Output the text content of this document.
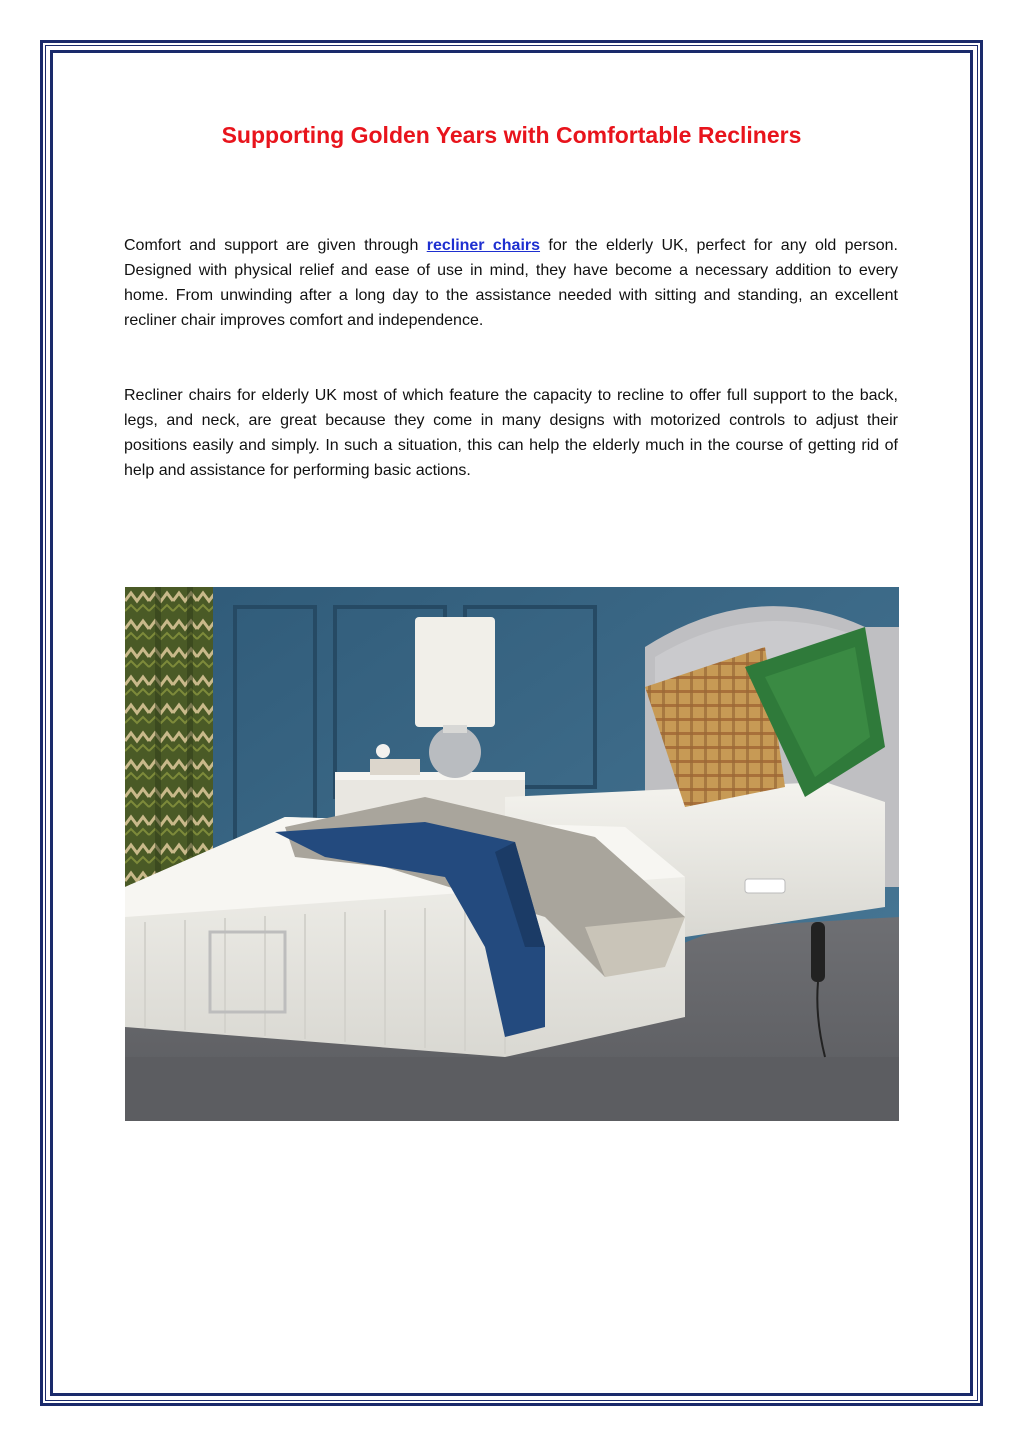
Supporting Golden Years with Comfortable Recliners

Comfort and support are given through recliner chairs for the elderly UK, perfect for any old person. Designed with physical relief and ease of use in mind, they have become a necessary addition to every home. From unwinding after a long day to the assistance needed with sitting and standing, an excellent recliner chair improves comfort and independence.

Recliner chairs for elderly UK most of which feature the capacity to recline to offer full support to the back, legs, and neck, are great because they come in many designs with motorized controls to adjust their positions easily and simply. In such a situation, this can help the elderly much in the course of getting rid of help and assistance for performing basic actions.
